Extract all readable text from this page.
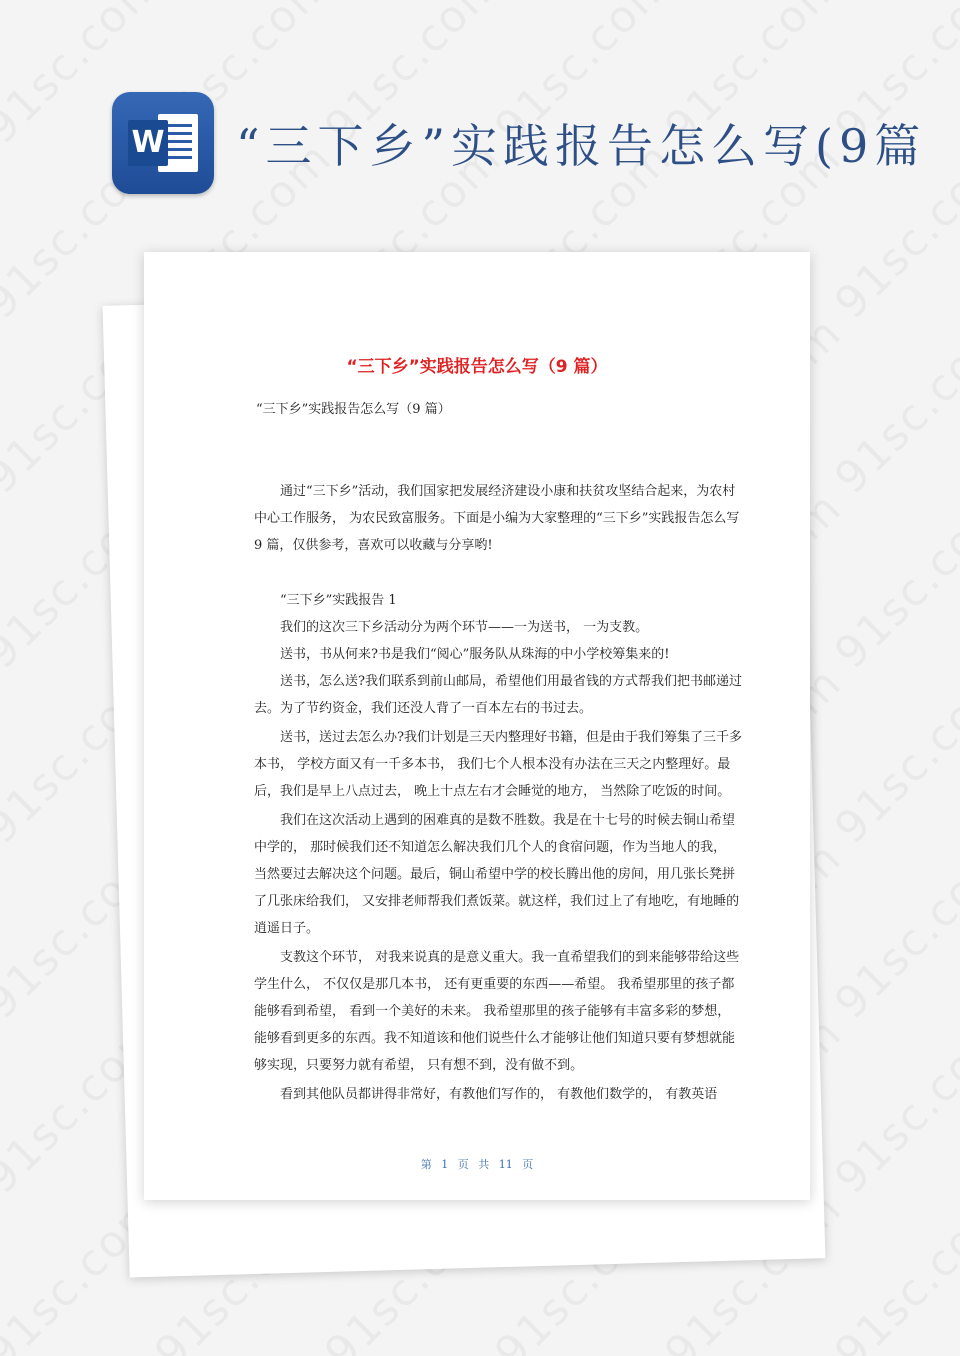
W “三下乡”实践报告怎么写(9篇
“三下乡”实践报告怎么写（9 篇）
“三下乡”实践报告怎么写（9 篇）

通过“三下乡”活动，我们国家把发展经济建设小康和扶贫攻坚结合起来，为农村中心工作服务， 为农民致富服务。下面是小编为大家整理的“三下乡”实践报告怎么写 9 篇，仅供参考，喜欢可以收藏与分享哟!

“三下乡”实践报告 1

我们的这次三下乡活动分为两个环节——一为送书， 一为支教。

送书，书从何来?书是我们“阅心”服务队从珠海的中小学校筹集来的!

送书，怎么送?我们联系到前山邮局，希望他们用最省钱的方式帮我们把书邮递过去。为了节约资金，我们还没人背了一百本左右的书过去。

送书，送过去怎么办?我们计划是三天内整理好书籍，但是由于我们筹集了三千多本书， 学校方面又有一千多本书， 我们七个人根本没有办法在三天之内整理好。最后，我们是早上八点过去， 晚上十点左右才会睡觉的地方， 当然除了吃饭的时间。

我们在这次活动上遇到的困难真的是数不胜数。我是在十七号的时候去铜山希望中学的， 那时候我们还不知道怎么解决我们几个人的食宿问题，作为当地人的我， 当然要过去解决这个问题。最后，铜山希望中学的校长腾出他的房间，用几张长凳拼了几张床给我们， 又安排老师帮我们煮饭菜。就这样，我们过上了有地吃，有地睡的逍遥日子。

支教这个环节， 对我来说真的是意义重大。我一直希望我们的到来能够带给这些学生什么， 不仅仅是那几本书， 还有更重要的东西——希望。 我希望那里的孩子都能够看到希望， 看到一个美好的未来。 我希望那里的孩子能够有丰富多彩的梦想，能够看到更多的东西。我不知道该和他们说些什么才能够让他们知道只要有梦想就能够实现，只要努力就有希望， 只有想不到，没有做不到。

看到其他队员都讲得非常好，有教他们写作的， 有教他们数学的， 有教英语

第 1 页 共 11 页
